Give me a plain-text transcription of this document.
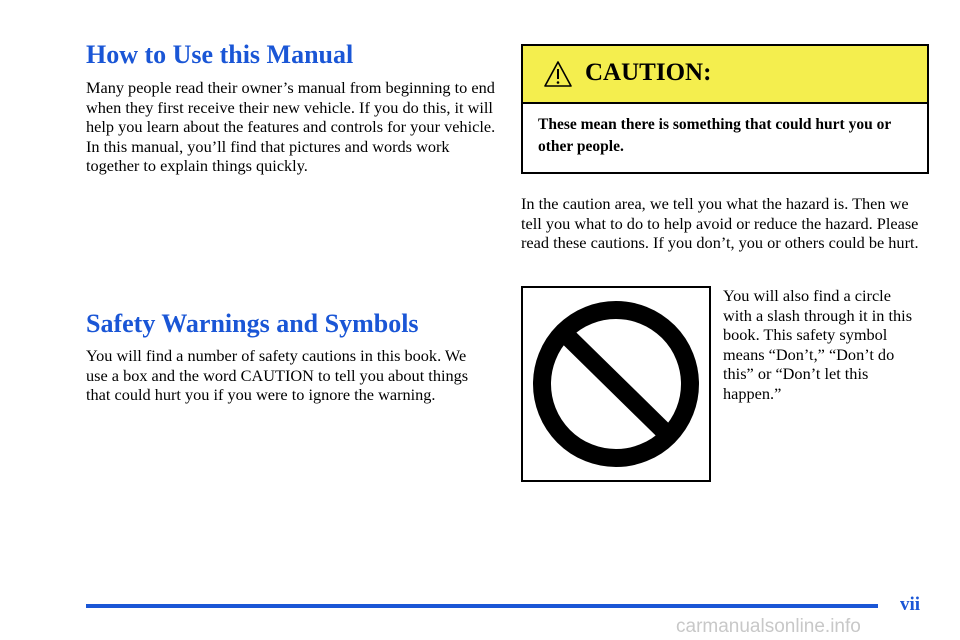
How to Use this Manual

Many people read their owner’s manual from beginning to end when they first receive their new vehicle. If you do this, it will help you learn about the features and controls for your vehicle. In this manual, you’ll find that pictures and words work together to explain things quickly.

Safety Warnings and Symbols

You will find a number of safety cautions in this book. We use a box and the word CAUTION to tell you about things that could hurt you if you were to ignore the warning.

CAUTION:
These mean there is something that could hurt you or other people.

In the caution area, we tell you what the hazard is. Then we tell you what to do to help avoid or reduce the hazard. Please read these cautions. If you don’t, you or others could be hurt.

You will also find a circle with a slash through it in this book. This safety symbol means “Don’t,” “Don’t do this” or “Don’t let this happen.”

vii
carmanualsonline.info
